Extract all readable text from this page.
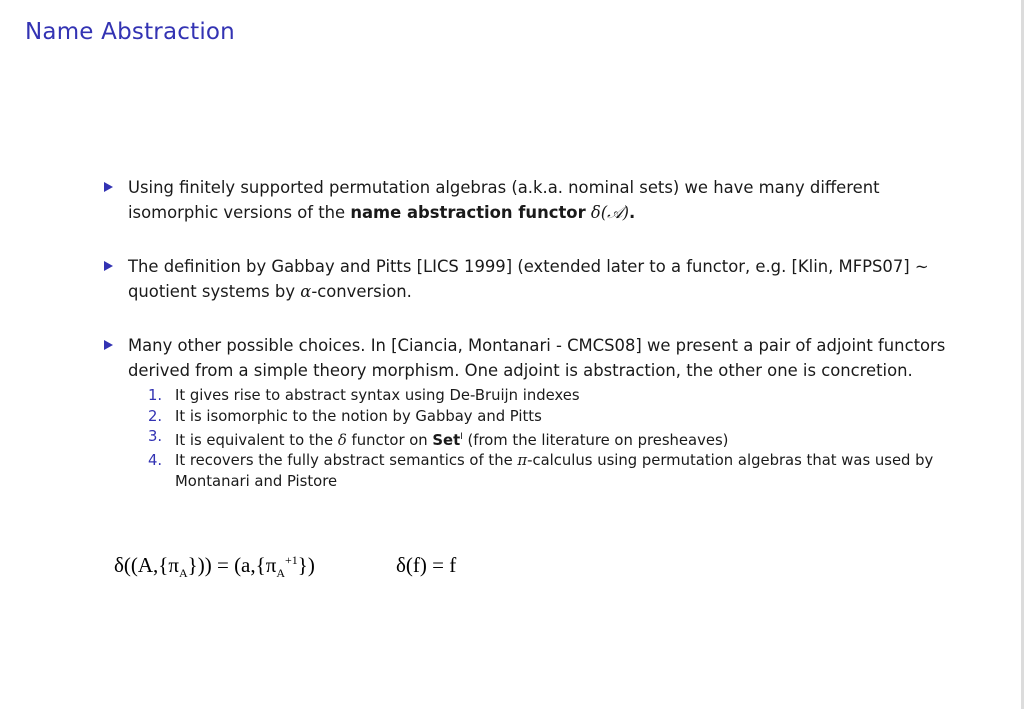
Name Abstraction
Using finitely supported permutation algebras (a.k.a. nominal sets) we have many different isomorphic versions of the name abstraction functor δ(𝒜).
The definition by Gabbay and Pitts [LICS 1999] (extended later to a functor, e.g. [Klin, MFPS07] ∼ quotient systems by α-conversion.
Many other possible choices. In [Ciancia, Montanari - CMCS08] we present a pair of adjoint functors derived from a simple theory morphism. One adjoint is abstraction, the other one is concretion.
1. It gives rise to abstract syntax using De-Bruijn indexes
2. It is isomorphic to the notion by Gabbay and Pitts
3. It is equivalent to the δ functor on Set$^I$ (from the literature on presheaves)
4. It recovers the fully abstract semantics of the π-calculus using permutation algebras that was used by Montanari and Pistore
$\delta((A,\{\pi_A\})) = (a,\{\pi_A^{+1}\})$	δ(f) = f
